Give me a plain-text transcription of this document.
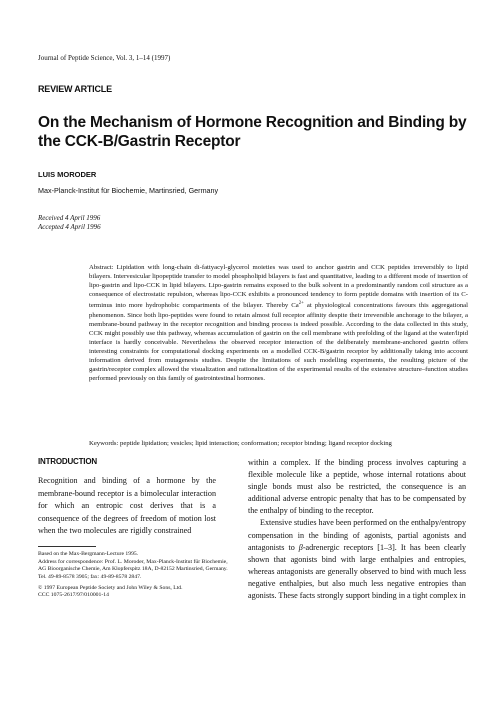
Journal of Peptide Science, Vol. 3, 1–14 (1997)
REVIEW ARTICLE
On the Mechanism of Hormone Recognition and Binding by the CCK-B/Gastrin Receptor
LUIS MORODER
Max-Planck-Institut für Biochemie, Martinsried, Germany
Received 4 April 1996
Accepted 4 April 1996
Abstract: Lipidation with long-chain di-fattyacyl-glycerol moieties was used to anchor gastrin and CCK peptides irreversibly to lipid bilayers. Intervesicular lipopeptide transfer to model phospholipid bilayers is fast and quantitative, leading to a different mode of insertion of lipo-gastrin and lipo-CCK in lipid bilayers. Lipo-gastrin remains exposed to the bulk solvent in a predominantly random coil structure as a consequence of electrostatic repulsion, whereas lipo-CCK exhibits a pronounced tendency to form peptide domains with insertion of its C-terminus into more hydrophobic compartments of the bilayer. Thereby $Ca^{2+}$ at physiological concentrations favours this aggregational phenomenon. Since both lipo-peptides were found to retain almost full receptor affinity despite their irreversible anchorage to the bilayer, a membrane-bound pathway in the receptor recognition and binding process is indeed possible. According to the data collected in this study, CCK might possibly use this pathway, whereas accumulation of gastrin on the cell membrane with prefolding of the ligand at the water/lipid interface is hardly conceivable. Nevertheless the observed receptor interaction of the deliberately membrane-anchored gastrin offers interesting constraints for computational docking experiments on a modelled CCK-B/gastrin receptor by additionally taking into account information derived from mutagenesis studies. Despite the limitations of such modelling experiments, the resulting picture of the gastrin/receptor complex allowed the visualization and rationalization of the experimental results of the extensive structure–function studies performed previously on this family of gastrointestinal hormones.
Keywords: peptide lipidation; vesicles; lipid interaction; conformation; receptor binding; ligand receptor docking
INTRODUCTION
Recognition and binding of a hormone by the membrane-bound receptor is a bimolecular interaction for which an entropic cost derives that is a consequence of the degrees of freedom of motion lost when the two molecules are rigidly constrained

within a complex. If the binding process involves capturing a flexible molecule like a peptide, whose internal rotations about single bonds must also be restricted, the consequence is an additional adverse entropic penalty that has to be compensated by the enthalpy of binding to the receptor.

Extensive studies have been performed on the enthalpy/entropy compensation in the binding of agonists, partial agonists and antagonists to β-adrenergic receptors [1–3]. It has been clearly shown that agonists bind with large enthalpies and entropies, whereas antagonists are generally observed to bind with much less negative enthalpies, but also much less negative entropies than agonists. These facts strongly support binding in a tight complex in

Based on the Max-Bergmann-Lecture 1995.
Address for correspondence: Prof. L. Moroder, Max-Planck-Institut für Biochemie, AG Bioorganische Chemie, Am Klopferspitz 18A, D-82152 Martinsried, Germany. Tel. 49-89-8578 3905; fax: 49-89-8578 2847.
© 1997 European Peptide Society and John Wiley & Sons, Ltd.
CCC 1075-2617/97/010001-14
